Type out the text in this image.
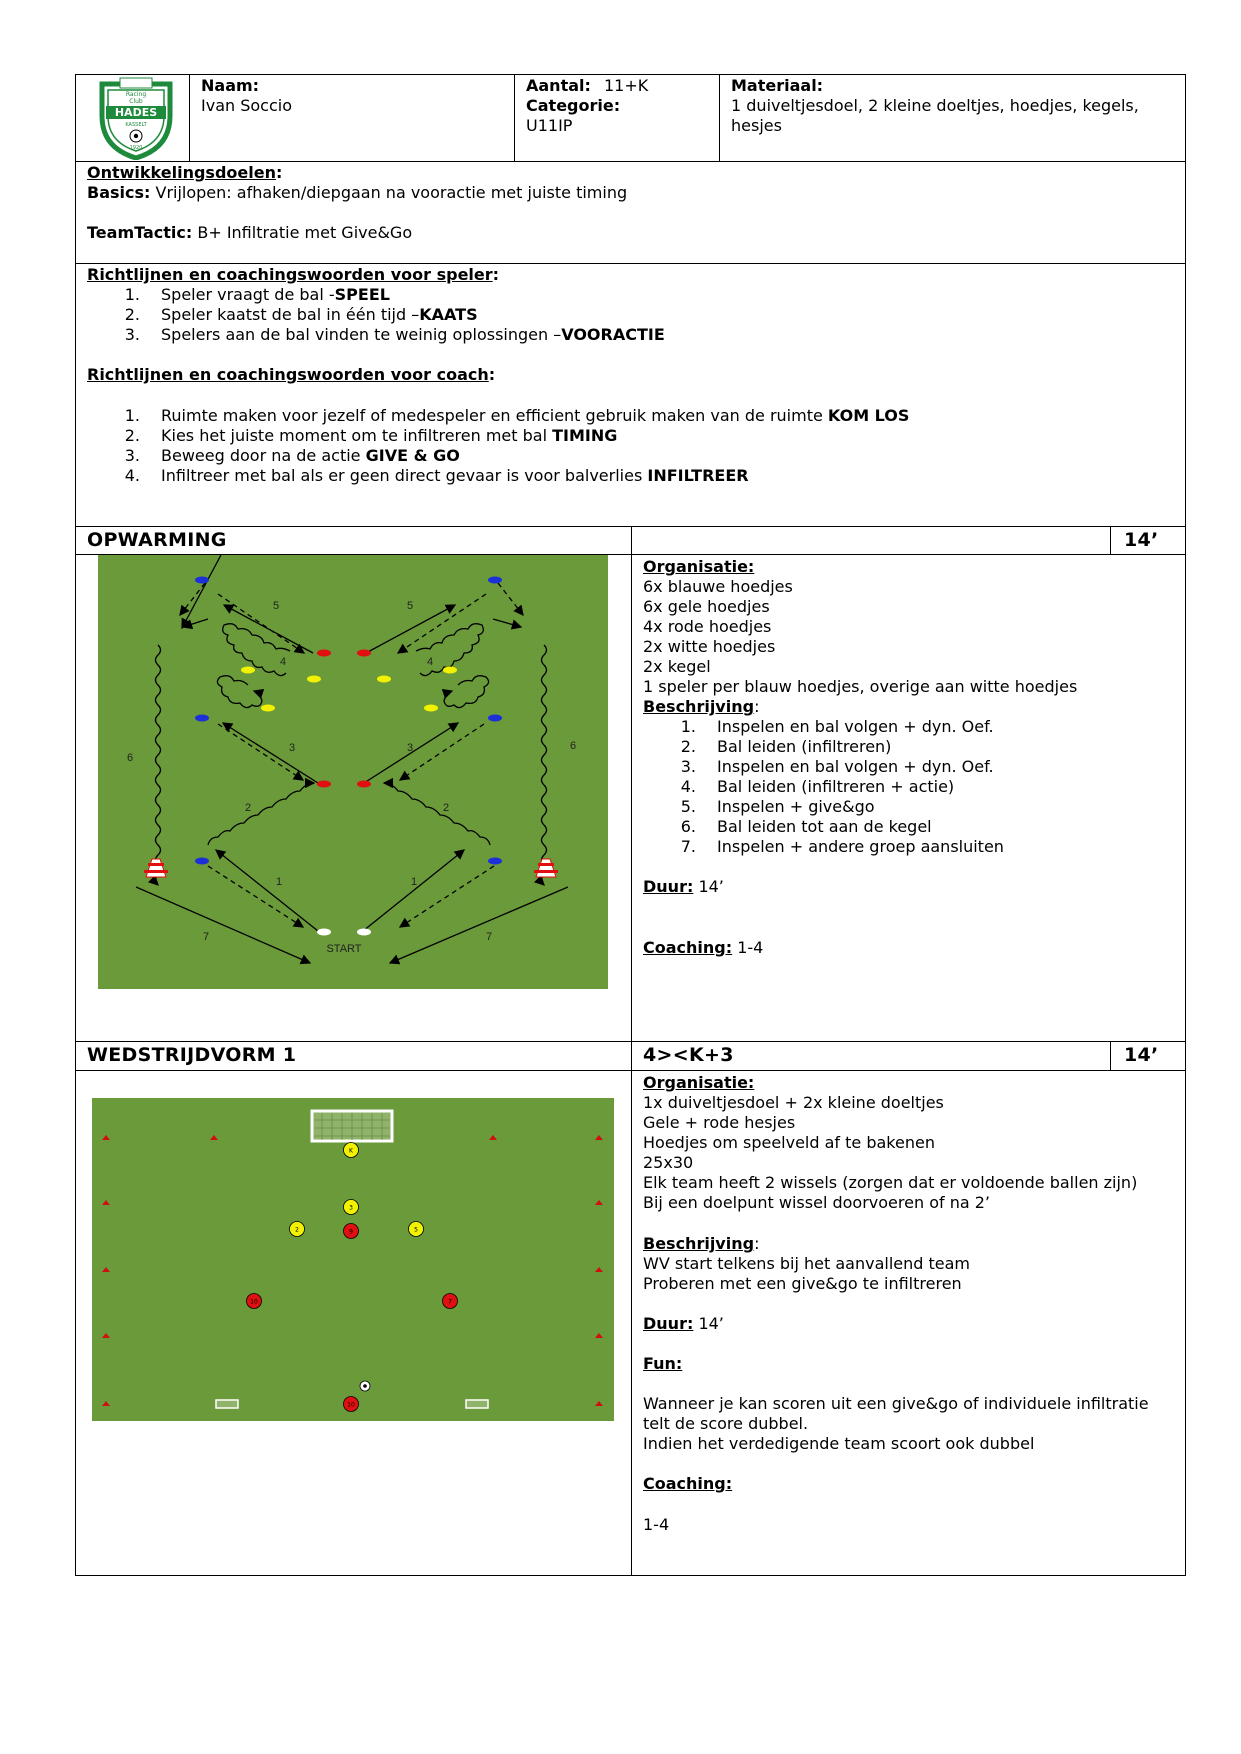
Racing
Club
HADES
KASSELT
1920
Naam:
Ivan Soccio
Aantal: 11+K
Categorie:
U11IP
Materiaal:
1 duiveltjesdoel, 2 kleine doeltjes, hoedjes, kegels,
hesjes
Ontwikkelingsdoelen:
Basics: Vrijlopen: afhaken/diepgaan na vooractie met juiste timing
TeamTactic: B+ Infiltratie met Give&Go
Richtlijnen en coachingswoorden voor speler:
1. Speler vraagt de bal -SPEEL
2. Speler kaatst de bal in één tijd –KAATS
3. Spelers aan de bal vinden te weinig oplossingen –VOORACTIE
Richtlijnen en coachingswoorden voor coach:
1. Ruimte maken voor jezelf of medespeler en efficient gebruik maken van de ruimte KOM LOS
2. Kies het juiste moment om te infiltreren met bal TIMING
3. Beweeg door na de actie GIVE & GO
4. Infiltreer met bal als er geen direct gevaar is voor balverlies INFILTREER
OPWARMING	14’
START
5	5
4	4
3	3
2	2
1	1
6
6
7	7
Organisatie:
6x blauwe hoedjes
6x gele hoedjes
4x rode hoedjes
2x witte hoedjes
2x kegel
1 speler per blauw hoedjes, overige aan witte hoedjes
Beschrijving:
1. Inspelen en bal volgen + dyn. Oef.
2. Bal leiden (infiltreren)
3. Inspelen en bal volgen + dyn. Oef.
4. Bal leiden (infiltreren + actie)
5. Inspelen + give&go
6. Bal leiden tot aan de kegel
7. Inspelen + andere groep aansluiten
Duur: 14’
Coaching: 1-4
WEDSTRIJDVORM 1	4><K+3	14’
K
3
2	9	5
10	7
10
Organisatie:
1x duiveltjesdoel + 2x kleine doeltjes
Gele + rode hesjes
Hoedjes om speelveld af te bakenen
25x30
Elk team heeft 2 wissels (zorgen dat er voldoende ballen zijn)
Bij een doelpunt wissel doorvoeren of na 2’
Beschrijving:
WV start telkens bij het aanvallend team
Proberen met een give&go te infiltreren
Duur: 14’
Fun:
Wanneer je kan scoren uit een give&go of individuele infiltratie
telt de score dubbel.
Indien het verdedigende team scoort ook dubbel
Coaching:
1-4
